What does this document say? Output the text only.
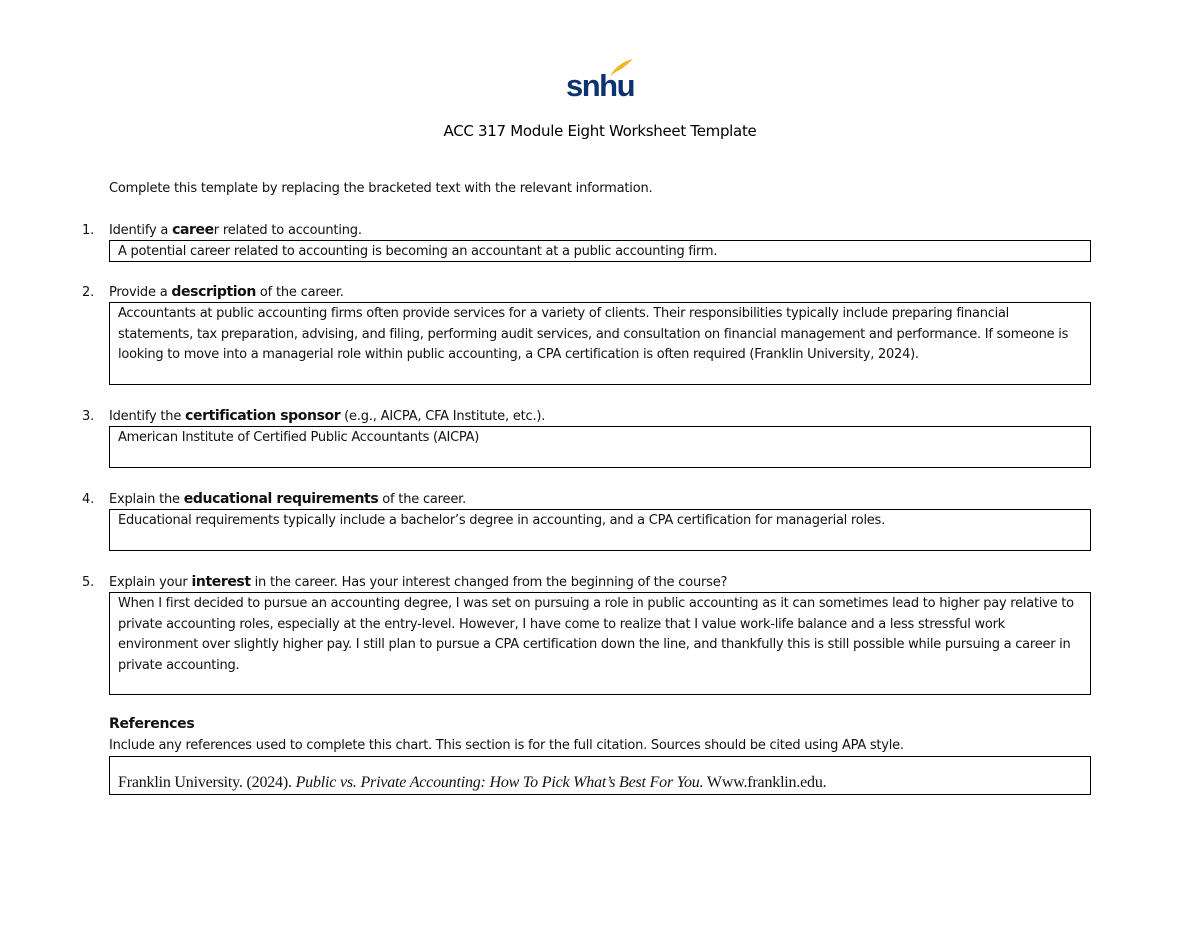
snhu
ACC 317 Module Eight Worksheet Template
Complete this template by replacing the bracketed text with the relevant information.
1. Identify a career related to accounting.
A potential career related to accounting is becoming an accountant at a public accounting firm.
2. Provide a description of the career.
Accountants at public accounting firms often provide services for a variety of clients. Their responsibilities typically include preparing financial statements, tax preparation, advising, and filing, performing audit services, and consultation on financial management and performance. If someone is looking to move into a managerial role within public accounting, a CPA certification is often required (Franklin University, 2024).
3. Identify the certification sponsor (e.g., AICPA, CFA Institute, etc.).
American Institute of Certified Public Accountants (AICPA)
4. Explain the educational requirements of the career.
Educational requirements typically include a bachelor’s degree in accounting, and a CPA certification for managerial roles.
5. Explain your interest in the career. Has your interest changed from the beginning of the course?
When I first decided to pursue an accounting degree, I was set on pursuing a role in public accounting as it can sometimes lead to higher pay relative to private accounting roles, especially at the entry-level. However, I have come to realize that I value work-life balance and a less stressful work environment over slightly higher pay. I still plan to pursue a CPA certification down the line, and thankfully this is still possible while pursuing a career in private accounting.
References
Include any references used to complete this chart. This section is for the full citation. Sources should be cited using APA style.
Franklin University. (2024). Public vs. Private Accounting: How To Pick What’s Best For You. Www.franklin.edu.
